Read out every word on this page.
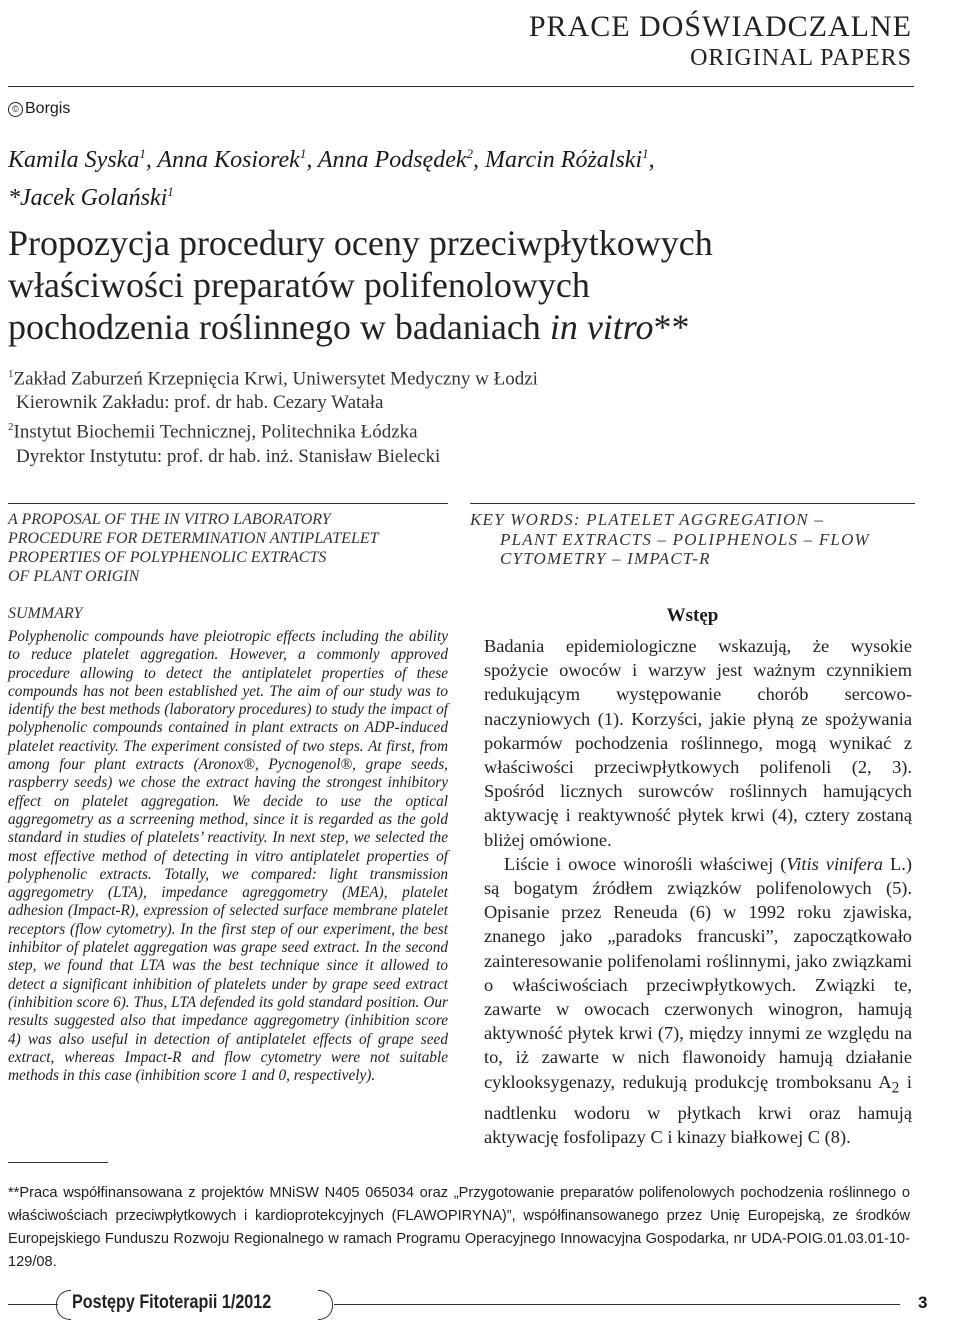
PRACE DOŚWIADCZALNE
ORIGINAL PAPERS
© Borgis
Kamila Syska$^1$, Anna Kosiorek$^1$, Anna Podsędek$^2$, Marcin Różalski$^1$,
*Jacek Golański$^1$
Propozycja procedury oceny przeciwpłytkowych
właściwości preparatów polifenolowych
pochodzenia roślinnego w badaniach in vitro**
$^1$Zakład Zaburzeń Krzepnięcia Krwi, Uniwersytet Medyczny w Łodzi
Kierownik Zakładu: prof. dr hab. Cezary Watała
$^2$Instytut Biochemii Technicznej, Politechnika Łódzka
Dyrektor Instytutu: prof. dr hab. inż. Stanisław Bielecki
A PROPOSAL OF THE IN VITRO LABORATORY
PROCEDURE FOR DETERMINATION ANTIPLATELET
PROPERTIES OF POLYPHENOLIC EXTRACTS
OF PLANT ORIGIN
SUMMARY
Polyphenolic compounds have pleiotropic effects including the ability to reduce platelet aggregation. However, a commonly approved procedure allowing to detect the antiplatelet properties of these compounds has not been established yet. The aim of our study was to identify the best methods (laboratory procedures) to study the impact of polyphenolic compounds contained in plant extracts on ADP-induced platelet reactivity. The experiment consisted of two steps. At first, from among four plant extracts (Aronox®, Pycnogenol®, grape seeds, raspberry seeds) we chose the extract having the strongest inhibitory effect on platelet aggregation. We decide to use the optical aggregometry as a scrreening method, since it is regarded as the gold standard in studies of platelets’ reactivity. In next step, we selected the most effective method of detecting in vitro antiplatelet properties of polyphenolic extracts. Totally, we compared: light transmission aggregometry (LTA), impedance agreggometry (MEA), platelet adhesion (Impact-R), expression of selected surface membrane platelet receptors (flow cytometry). In the first step of our experiment, the best inhibitor of platelet aggregation was grape seed extract. In the second step, we found that LTA was the best technique since it allowed to detect a significant inhibition of platelets under by grape seed extract (inhibition score 6). Thus, LTA defended its gold standard position. Our results suggested also that impedance aggregometry (inhibition score 4) was also useful in detection of antiplatelet effects of grape seed extract, whereas Impact-R and flow cytometry were not suitable methods in this case (inhibition score 1 and 0, respectively).
KEY WORDS: PLATELET AGGREGATION –
PLANT EXTRACTS – POLIPHENOLS – FLOW
CYTOMETRY – IMPACT-R
Wstęp

Badania epidemiologiczne wskazują, że wysokie spożycie owoców i warzyw jest ważnym czynnikiem redukującym występowanie chorób sercowo-naczyniowych (1). Korzyści, jakie płyną ze spożywania pokarmów pochodzenia roślinnego, mogą wynikać z właściwości przeciwpłytkowych polifenoli (2, 3). Spośród licznych surowców roślinnych hamujących aktywację i reaktywność płytek krwi (4), cztery zostaną bliżej omówione.

Liście i owoce winorośli właściwej (Vitis vinifera L.) są bogatym źródłem związków polifenolowych (5). Opisanie przez Reneuda (6) w 1992 roku zjawiska, znanego jako „paradoks francuski”, zapoczątkowało zainteresowanie polifenolami roślinnymi, jako związkami o właściwościach przeciwpłytkowych. Związki te, zawarte w owocach czerwonych winogron, hamują aktywność płytek krwi (7), między innymi ze względu na to, iż zawarte w nich flawonoidy hamują działanie cyklooksygenazy, redukują produkcję tromboksanu $A_2$ i nadtlenku wodoru w płytkach krwi oraz hamują aktywację fosfolipazy C i kinazy białkowej C (8).

**Praca współfinansowana z projektów MNiSW N405 065034 oraz „Przygotowanie preparatów polifenolowych pochodzenia roślinnego o właściwościach przeciwpłytkowych i kardioprotekcyjnych (FLAWOPIRYNA)”, współfinansowanego przez Unię Europejską, ze środków Europejskiego Funduszu Rozwoju Regionalnego w ramach Programu Operacyjnego Innowacyjna Gospodarka, nr UDA-POIG.01.03.01-10-129/08.
Postępy Fitoterapii 1/2012	3
